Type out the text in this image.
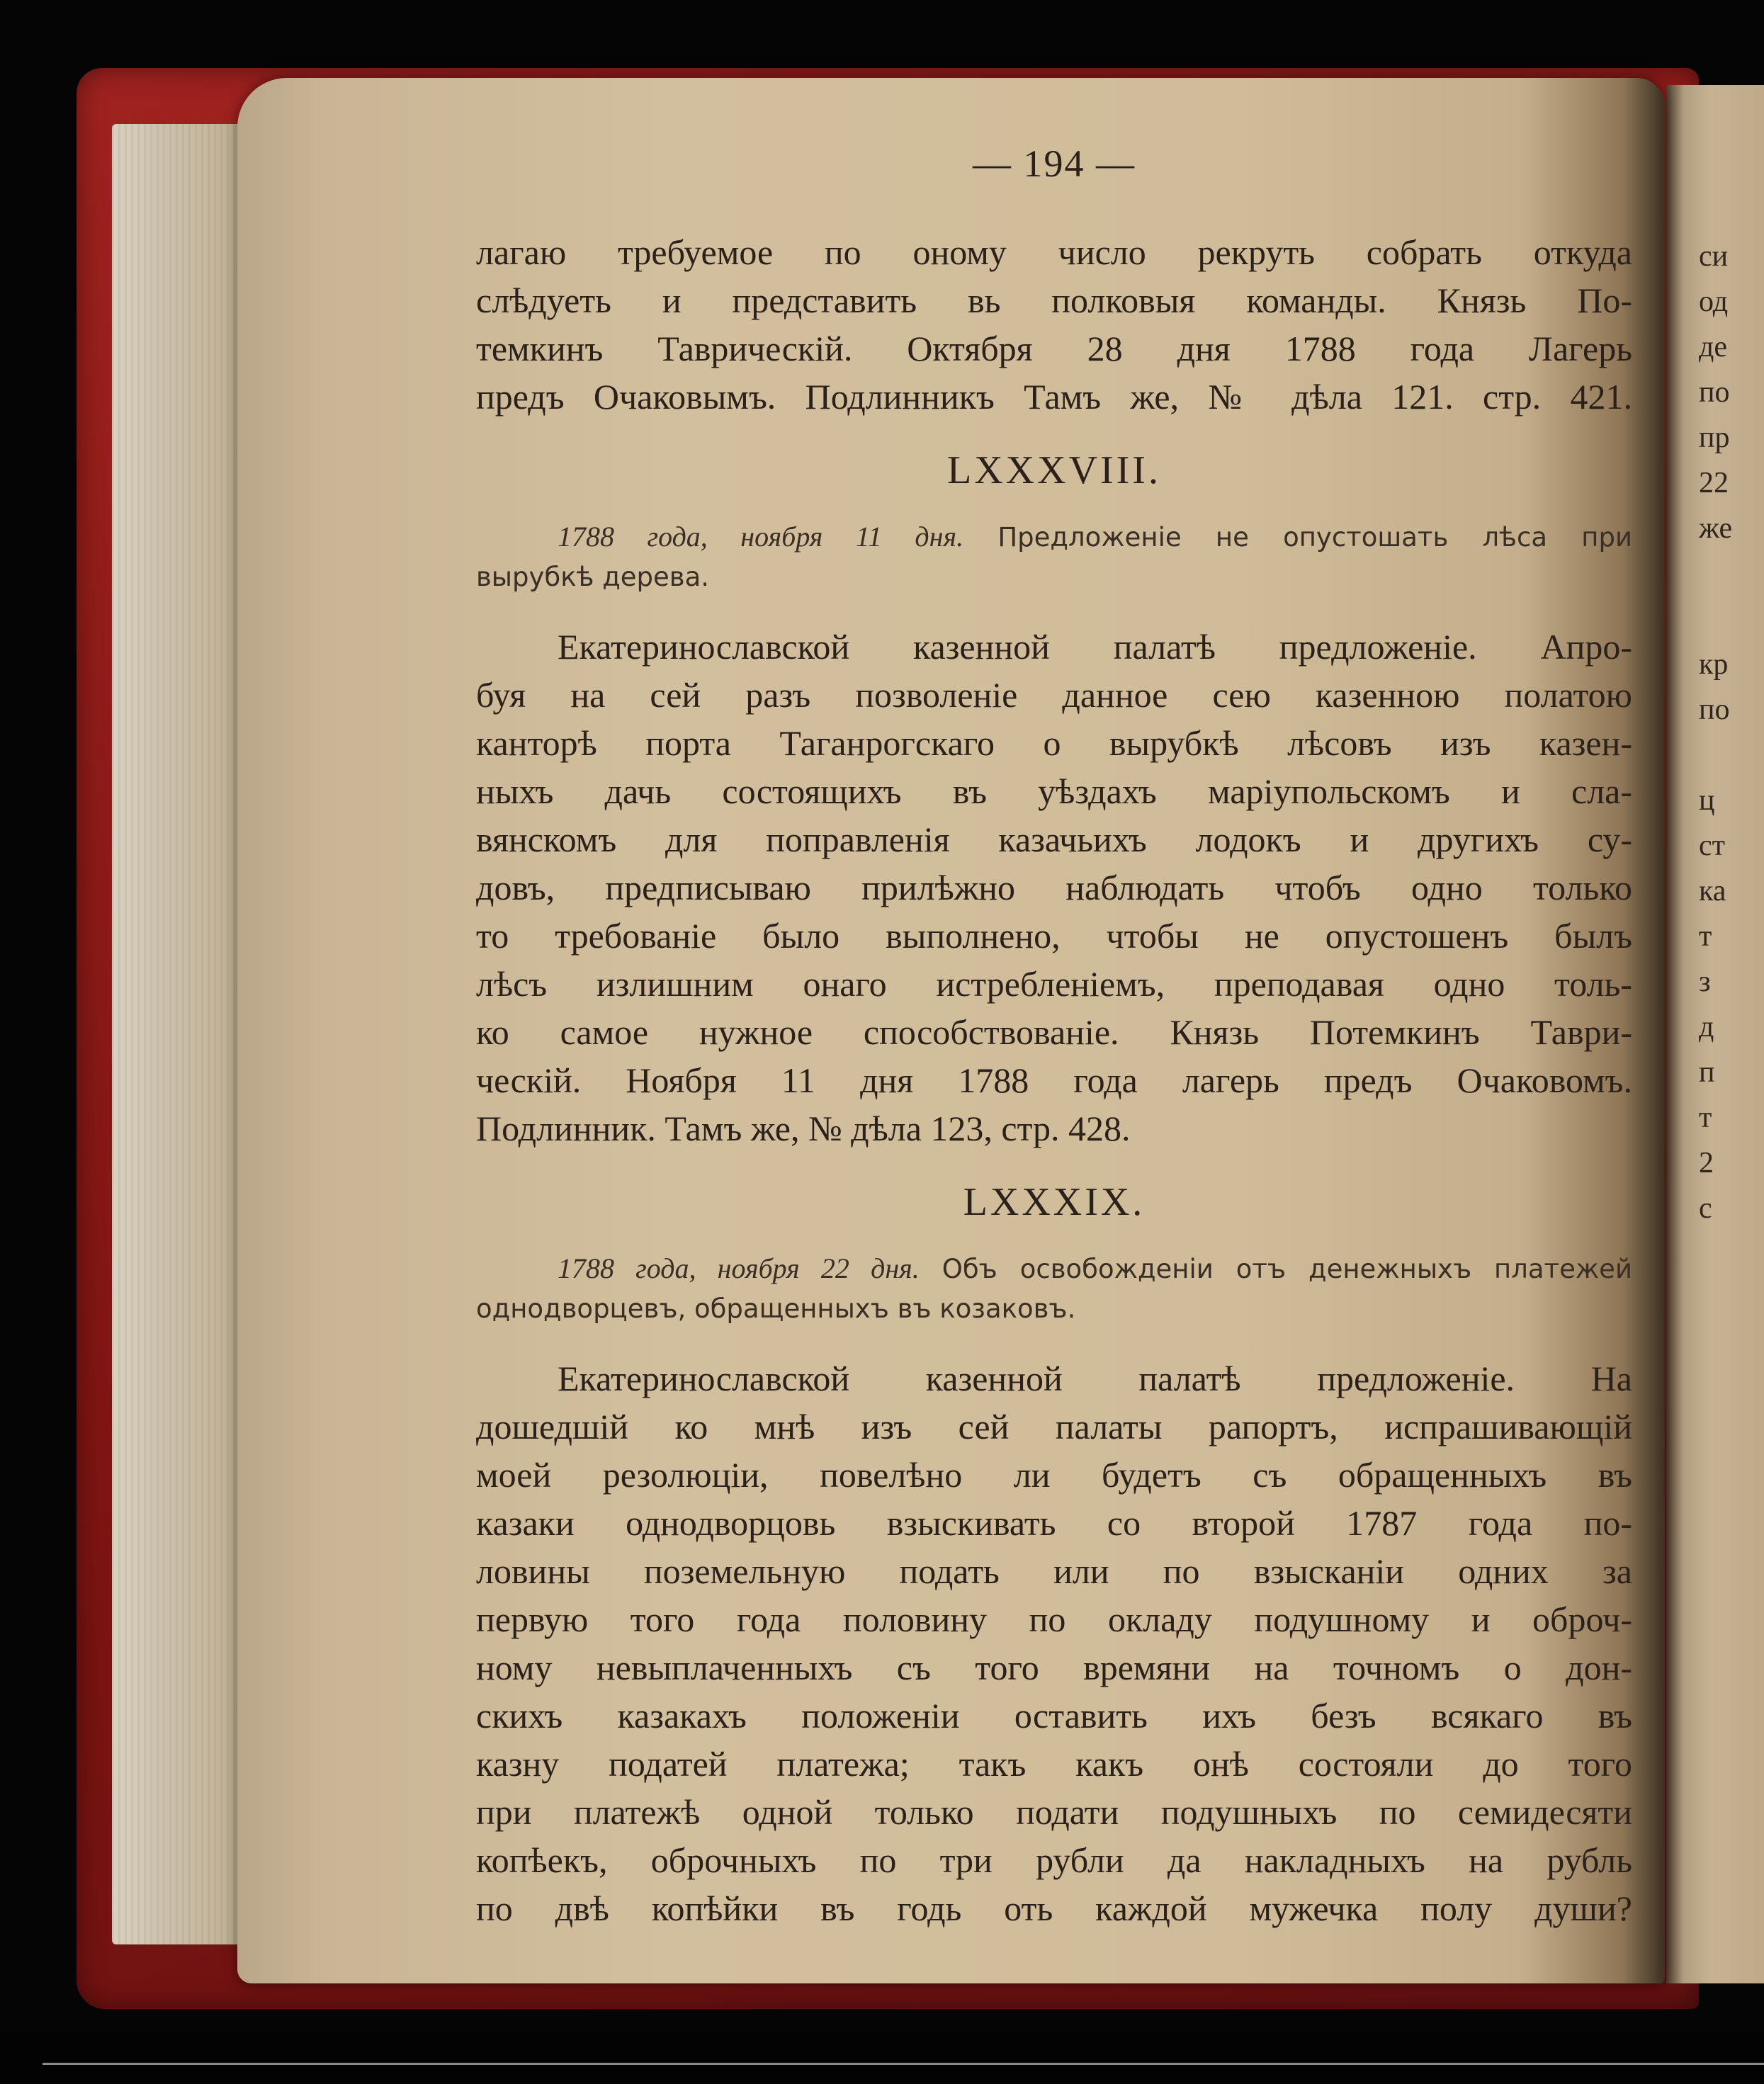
си
од
де
по
пр
22
же
кр
по
ц
ст
ка
т
з
д
п
т
2
с
— 194 —

лагаю требуемое по оному число рекруть собрать откуда
слѣдуеть и представить вь полковыя команды. Князь По-
темкинъ Таврическій. Октября 28 дня 1788 года Лагерь
предъ Очаковымъ. Подлинникъ Тамъ же, № дѣла 121. стр. 421.

LXXXVIII.

1788 года, ноября 11 дня. Предложеніе не опустошать лѣса при
вырубкѣ дерева.

Екатеринославской казенной палатѣ предложеніе. Апро-
буя на сей разъ позволеніе данное сею казенною полатою
канторѣ порта Таганрогскаго о вырубкѣ лѣсовъ изъ казен-
ныхъ дачь состоящихъ въ уѣздахъ маріупольскомъ и сла-
вянскомъ для поправленія казачьихъ лодокъ и другихъ су-
довъ, предписываю прилѣжно наблюдать чтобъ одно только
то требованіе было выполнено, чтобы не опустошенъ былъ
лѣсъ излишним онаго истребленіемъ, преподавая одно толь-
ко самое нужное способствованіе. Князь Потемкинъ Таври-
ческій. Ноября 11 дня 1788 года лагерь предъ Очаковомъ.
Подлинник. Тамъ же, № дѣла 123, стр. 428.

LXXXIX.

1788 года, ноября 22 дня. Объ освобожденіи отъ денежныхъ платежей
однодворцевъ, обращенныхъ въ козаковъ.

Екатеринославской казенной палатѣ предложеніе. На
дошедшій ко мнѣ изъ сей палаты рапортъ, испрашивающій
моей резолюціи, повелѣно ли будетъ съ обращенныхъ въ
казаки однодворцовь взыскивать со второй 1787 года по-
ловины поземельную подать или по взысканіи одних за
первую того года половину по окладу подушному и оброч-
ному невыплаченныхъ съ того времяни на точномъ о дон-
скихъ казакахъ положеніи оставить ихъ безъ всякаго въ
казну податей платежа; такъ какъ онѣ состояли до того
при платежѣ одной только подати подушныхъ по семидесяти
копѣекъ, оброчныхъ по три рубли да накладныхъ на рубль
по двѣ копѣйки въ годь оть каждой мужечка полу души?
